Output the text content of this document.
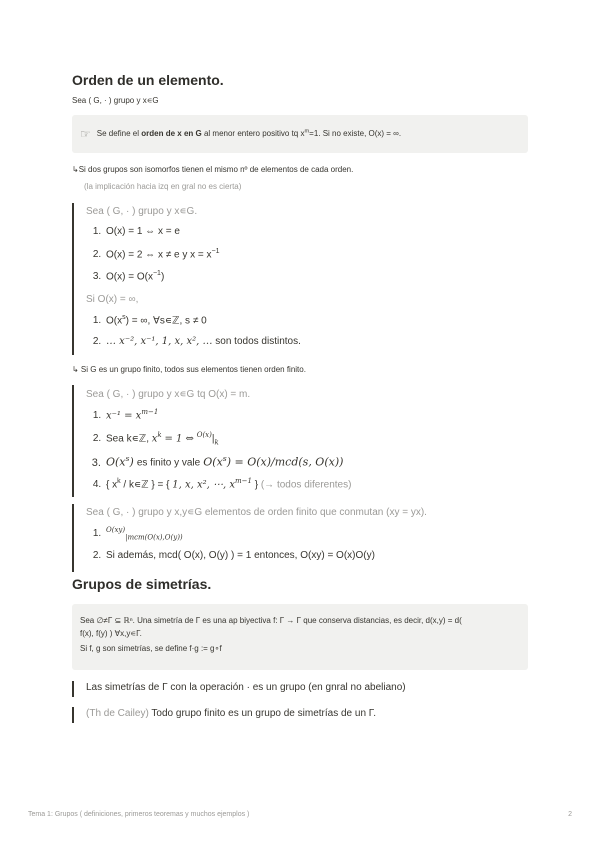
Orden de un elemento.
Sea ( G, · ) grupo y x∊G
☞ Se define el orden de x en G al menor entero positivo tq $x^m=1$. Si no existe, O(x) = ∞.
↳Si dos grupos son isomorfos tienen el mismo nº de elementos de cada orden.
(la implicación hacia izq en gral no es cierta)

Sea ( G, · ) grupo y x∊G.

1. O(x) = 1 ⇔ x = e
2. O(x) = 2 ⇔ x ≠ e y $x = x^{-1}$
3. $O(x) = O(x^{-1})$

Si O(x) = ∞,

1. $O(x^s)$ = ∞, ∀s∊ℤ, s ≠ 0
2. … x⁻², x⁻¹, 1, x, x², … son todos distintos.
↳ Si G es un grupo finito, todos sus elementos tienen orden finito.

Sea ( G, · ) grupo y x∊G tq O(x) = m.

1. $x^{-1} = x^{m-1}$
2. Sea k∊ℤ, $x^k = 1$ ⇔ $^{O(x)}|_k$
3. $O(x^s)$ es finito y vale $O(x^s) = O(x)/mcd(s$, O(x))
4. { $x^k$ / k∊ℤ } = { 1, x, x², ⋯, $x^{m-1}$ } (→ todos diferentes)

Sea ( G, · ) grupo y x,y∊G elementos de orden finito que conmutan (xy = yx).

1. $^{O(xy)}_{|mcm(O(x),O(y))}$
2. Si además, mcd( O(x), O(y) ) = 1 entonces, O(xy) = O(x)O(y)
Grupos de simetrías.
Sea ∅≠Γ ⊆ ℝⁿ. Una simetría de Γ es una ap biyectiva f: Γ → Γ que conserva distancias, es decir, d(x,y) = d(
f(x), f(y) ) ∀x,y∊Γ.
Si f, g son simetrías, se define f·g := g∘f

Las simetrías de Γ con la operación · es un grupo (en gnral no abeliano)

(Th de Cailey) Todo grupo finito es un grupo de simetrías de un Γ.

Tema 1: Grupos ( definiciones, primeros teoremas y muchos ejemplos )	2
